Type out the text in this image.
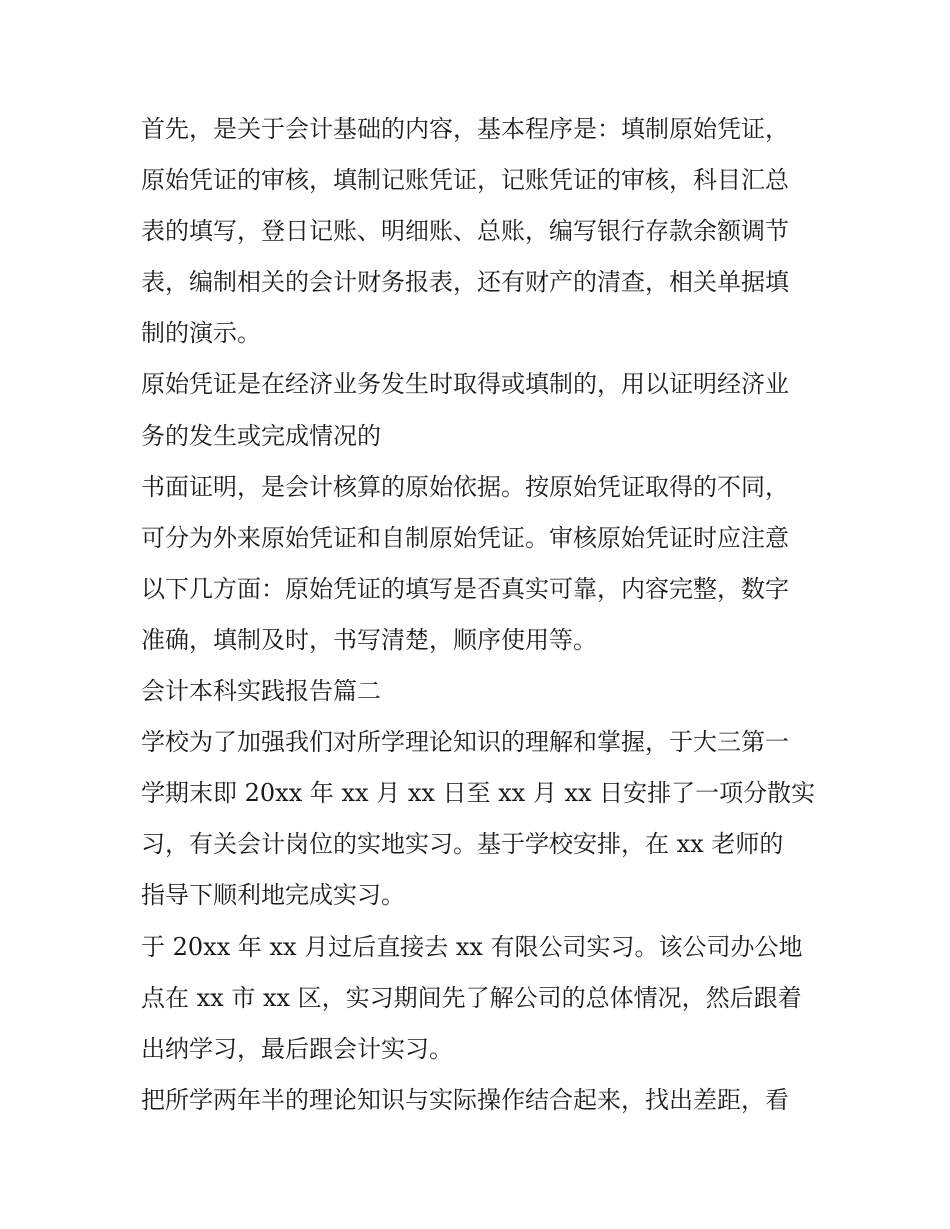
首先，是关于会计基础的内容，基本程序是：填制原始凭证，
原始凭证的审核，填制记账凭证，记账凭证的审核，科目汇总
表的填写，登日记账、明细账、总账，编写银行存款余额调节
表，编制相关的会计财务报表，还有财产的清查，相关单据填
制的演示。
原始凭证是在经济业务发生时取得或填制的，用以证明经济业
务的发生或完成情况的
书面证明，是会计核算的原始依据。按原始凭证取得的不同，
可分为外来原始凭证和自制原始凭证。审核原始凭证时应注意
以下几方面：原始凭证的填写是否真实可靠，内容完整，数字
准确，填制及时，书写清楚，顺序使用等。
会计本科实践报告篇二
学校为了加强我们对所学理论知识的理解和掌握，于大三第一
学期末即 20xx 年 xx 月 xx 日至 xx 月 xx 日安排了一项分散实
习，有关会计岗位的实地实习。基于学校安排，在 xx 老师的
指导下顺利地完成实习。
于 20xx 年 xx 月过后直接去 xx 有限公司实习。该公司办公地
点在 xx 市 xx 区，实习期间先了解公司的总体情况，然后跟着
出纳学习，最后跟会计实习。
把所学两年半的理论知识与实际操作结合起来，找出差距，看
